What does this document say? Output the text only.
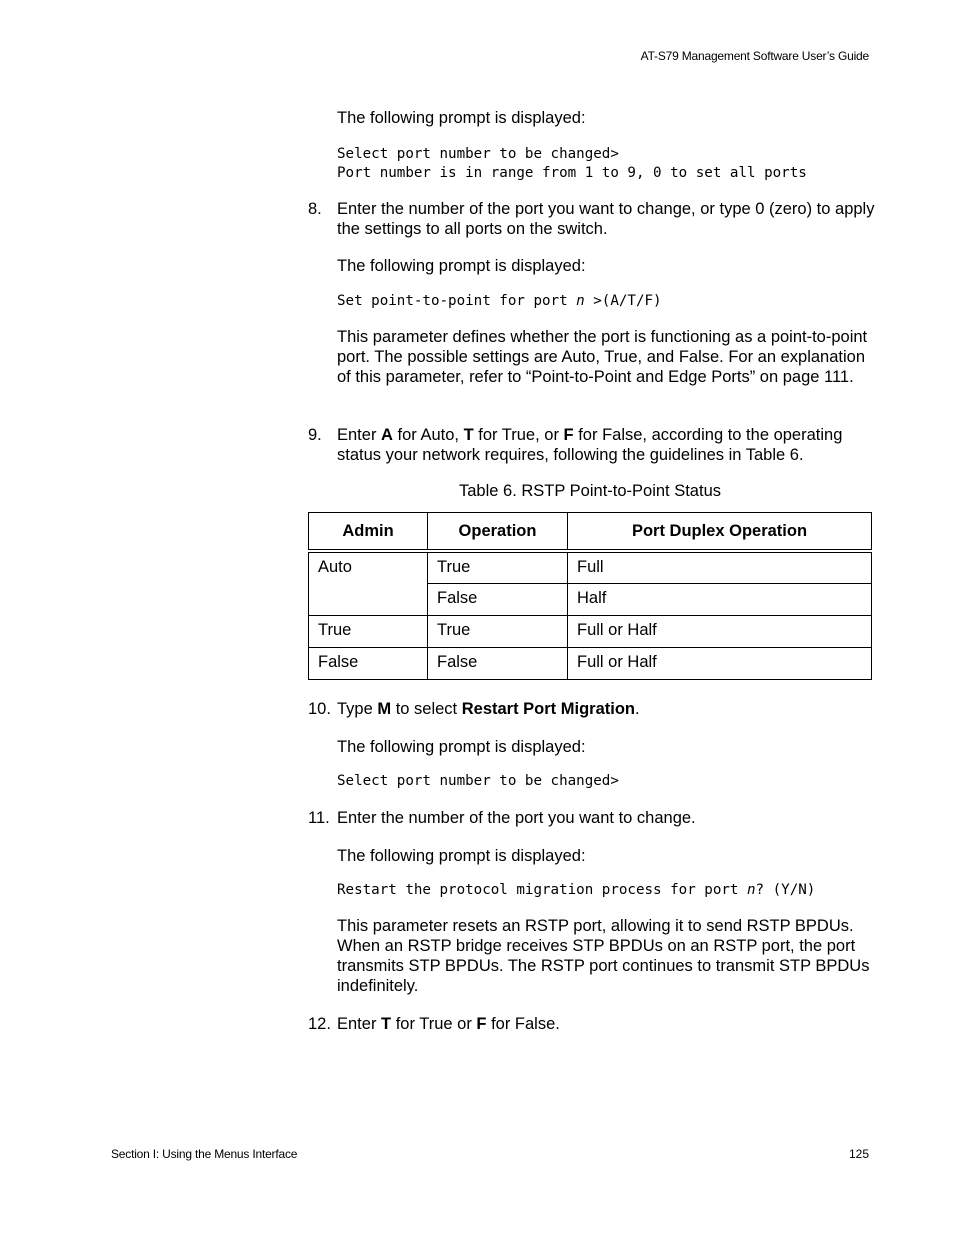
AT-S79 Management Software User’s Guide
The following prompt is displayed:
Select port number to be changed>
Port number is in range from 1 to 9, 0 to set all ports
8. Enter the number of the port you want to change, or type 0 (zero) to apply the settings to all ports on the switch.
The following prompt is displayed:
Set point-to-point for port n >(A/T/F)
This parameter defines whether the port is functioning as a point-to-point port. The possible settings are Auto, True, and False. For an explanation of this parameter, refer to “Point-to-Point and Edge Ports” on page 111.
9. Enter A for Auto, T for True, or F for False, according to the operating status your network requires, following the guidelines in Table 6.
Table 6. RSTP Point-to-Point Status
Admin	Operation	Port Duplex Operation
Auto	True	Full
	False	Half
True	True	Full or Half
False	False	Full or Half
10. Type M to select Restart Port Migration.
The following prompt is displayed:
Select port number to be changed>
11. Enter the number of the port you want to change.
The following prompt is displayed:
Restart the protocol migration process for port n? (Y/N)
This parameter resets an RSTP port, allowing it to send RSTP BPDUs. When an RSTP bridge receives STP BPDUs on an RSTP port, the port transmits STP BPDUs. The RSTP port continues to transmit STP BPDUs indefinitely.
12. Enter T for True or F for False.
Section I: Using the Menus Interface	125
